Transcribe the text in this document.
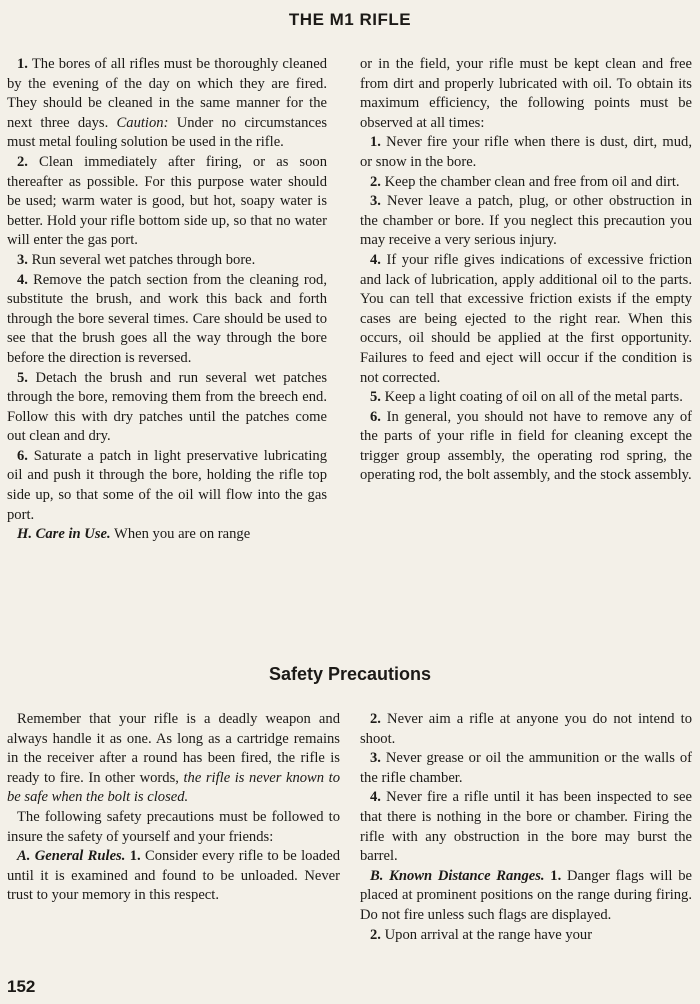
THE M1 RIFLE

1. The bores of all rifles must be thoroughly cleaned by the evening of the day on which they are fired. They should be cleaned in the same manner for the next three days. Caution: Under no circumstances must metal fouling solution be used in the rifle.

2. Clean immediately after firing, or as soon thereafter as possible. For this purpose water should be used; warm water is good, but hot, soapy water is better. Hold your rifle bottom side up, so that no water will enter the gas port.

3. Run several wet patches through bore.

4. Remove the patch section from the cleaning rod, substitute the brush, and work this back and forth through the bore several times. Care should be used to see that the brush goes all the way through the bore before the direction is reversed.

5. Detach the brush and run several wet patches through the bore, removing them from the breech end. Follow this with dry patches until the patches come out clean and dry.

6. Saturate a patch in light preservative lubricating oil and push it through the bore, holding the rifle top side up, so that some of the oil will flow into the gas port.

H. Care in Use. When you are on range

or in the field, your rifle must be kept clean and free from dirt and properly lubricated with oil. To obtain its maximum efficiency, the following points must be observed at all times:

1. Never fire your rifle when there is dust, dirt, mud, or snow in the bore.

2. Keep the chamber clean and free from oil and dirt.

3. Never leave a patch, plug, or other obstruction in the chamber or bore. If you neglect this precaution you may receive a very serious injury.

4. If your rifle gives indications of excessive friction and lack of lubrication, apply additional oil to the parts. You can tell that excessive friction exists if the empty cases are being ejected to the right rear. When this occurs, oil should be applied at the first opportunity. Failures to feed and eject will occur if the condition is not corrected.

5. Keep a light coating of oil on all of the metal parts.

6. In general, you should not have to remove any of the parts of your rifle in field for cleaning except the trigger group assembly, the operating rod spring, the operating rod, the bolt assembly, and the stock assembly.

Safety Precautions

Remember that your rifle is a deadly weapon and always handle it as one. As long as a cartridge remains in the receiver after a round has been fired, the rifle is ready to fire. In other words, the rifle is never known to be safe when the bolt is closed.

The following safety precautions must be followed to insure the safety of yourself and your friends:

A. General Rules. 1. Consider every rifle to be loaded until it is examined and found to be unloaded. Never trust to your memory in this respect.

2. Never aim a rifle at anyone you do not intend to shoot.

3. Never grease or oil the ammunition or the walls of the rifle chamber.

4. Never fire a rifle until it has been inspected to see that there is nothing in the bore or chamber. Firing the rifle with any obstruction in the bore may burst the barrel.

B. Known Distance Ranges. 1. Danger flags will be placed at prominent positions on the range during firing. Do not fire unless such flags are displayed.

2. Upon arrival at the range have your

152
